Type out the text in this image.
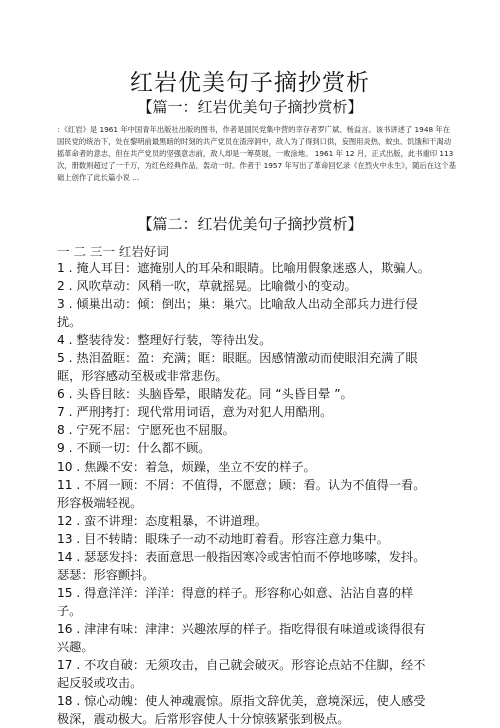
红岩优美句子摘抄赏析
【篇一：红岩优美句子摘抄赏析】
：《红岩》是 1961 年中国青年出版社出版的图书，作者是国民党集中营的幸存者罗广斌、杨益言。该书讲述了 1948 年在国民党的统治下，处在黎明前最黑暗的时刻的共产党员在渣滓洞中，敌人为了得到口供，妄图用炎热、蚊虫、饥饿和干渴动摇革命者的意志，但在共产党员的坚强意志前，敌人却是一筹莫展，一败涂地。 1961 年 12 月，正式出版，此书重印 113 次，册数则超过了一千万，为红色经典作品，轰动一时。作者于 1957 年写出了革命回忆录《在烈火中永生》，随后在这个基础上创作了此长篇小说 ...
【篇二：红岩优美句子摘抄赏析】
一 二 三一 红岩好词

1 . 掩人耳目：遮掩别人的耳朵和眼睛。比喻用假象迷惑人，欺骗人。

2 . 风吹草动：风稍一吹，草就摇晃。比喻微小的变动。

3 . 倾巢出动：倾：倒出；巢：巢穴。比喻敌人出动全部兵力进行侵扰。

4 . 整装待发：整理好行装，等待出发。

5 . 热泪盈眶：盈：充满；眶：眼眶。因感情激动而使眼泪充满了眼眶，形容感动至极或非常悲伤。

6 . 头昏目眩：头脑昏晕，眼睛发花。同 “头昏目晕 ”。

7 . 严刑拷打：现代常用词语，意为对犯人用酷刑。

8 . 宁死不屈：宁愿死也不屈服。

9 . 不顾一切：什么都不顾。

10 . 焦躁不安：着急，烦躁，坐立不安的样子。

11 . 不屑一顾：不屑：不值得，不愿意；顾：看。认为不值得一看。形容极端轻视。

12 . 蛮不讲理：态度粗暴，不讲道理。

13 . 目不转睛：眼珠子一动不动地盯着看。形容注意力集中。

14 . 瑟瑟发抖：表面意思一般指因寒冷或害怕而不停地哆嗦，发抖。瑟瑟：形容颤抖。

15 . 得意洋洋：洋洋：得意的样子。形容称心如意、沾沾自喜的样子。

16 . 津津有味：津津：兴趣浓厚的样子。指吃得很有味道或谈得很有兴趣。

17 . 不攻自破：无须攻击，自己就会破灭。形容论点站不住脚，经不起反驳或攻击。

18 . 惊心动魄：使人神魂震惊。原指文辞优美，意境深远，使人感受极深，震动极大。后常形容使人十分惊骇紧张到极点。
